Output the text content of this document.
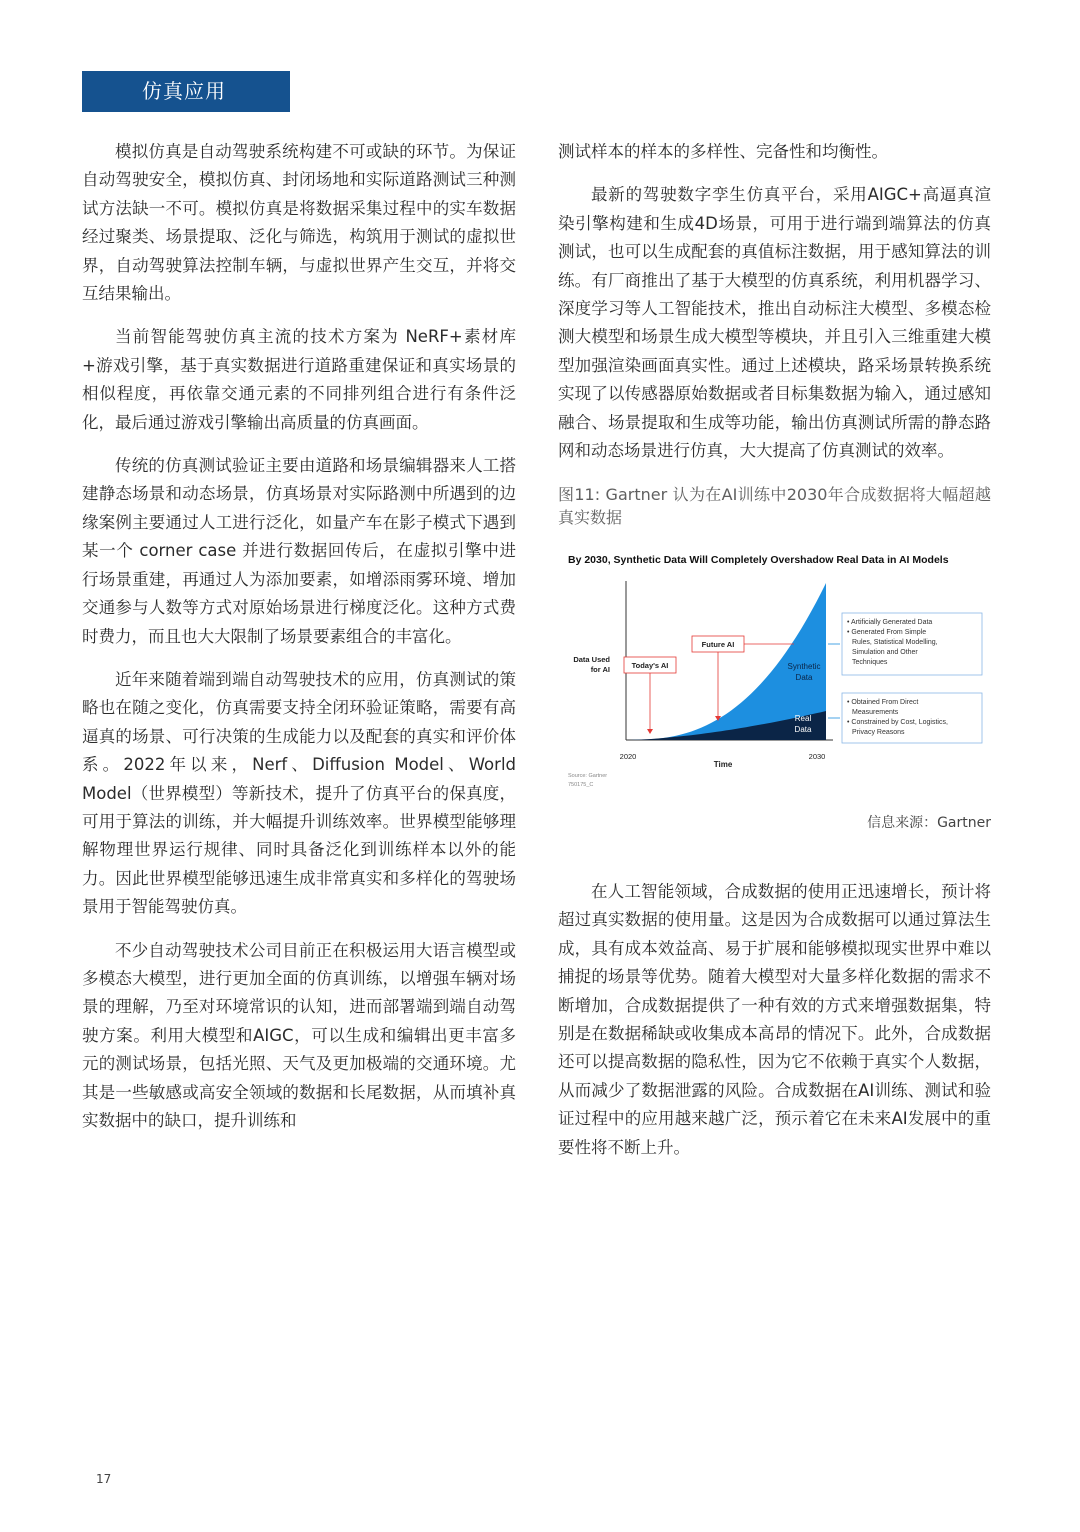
仿真应用

模拟仿真是自动驾驶系统构建不可或缺的环节。为保证自动驾驶安全，模拟仿真、封闭场地和实际道路测试三种测试方法缺一不可。模拟仿真是将数据采集过程中的实车数据经过聚类、场景提取、泛化与筛选，构筑用于测试的虚拟世界，自动驾驶算法控制车辆，与虚拟世界产生交互，并将交互结果输出。

当前智能驾驶仿真主流的技术方案为 NeRF+素材库+游戏引擎，基于真实数据进行道路重建保证和真实场景的相似程度，再依靠交通元素的不同排列组合进行有条件泛化，最后通过游戏引擎输出高质量的仿真画面。

传统的仿真测试验证主要由道路和场景编辑器来人工搭建静态场景和动态场景，仿真场景对实际路测中所遇到的边缘案例主要通过人工进行泛化，如量产车在影子模式下遇到某一个 corner case 并进行数据回传后，在虚拟引擎中进行场景重建，再通过人为添加要素，如增添雨雾环境、增加交通参与人数等方式对原始场景进行梯度泛化。这种方式费时费力，而且也大大限制了场景要素组合的丰富化。

近年来随着端到端自动驾驶技术的应用，仿真测试的策略也在随之变化，仿真需要支持全闭环验证策略，需要有高逼真的场景、可行决策的生成能力以及配套的真实和评价体系。2022年以来，Nerf、Diffusion Model、World Model（世界模型）等新技术，提升了仿真平台的保真度，可用于算法的训练，并大幅提升训练效率。世界模型能够理解物理世界运行规律、同时具备泛化到训练样本以外的能力。因此世界模型能够迅速生成非常真实和多样化的驾驶场景用于智能驾驶仿真。

不少自动驾驶技术公司目前正在积极运用大语言模型或多模态大模型，进行更加全面的仿真训练，以增强车辆对场景的理解，乃至对环境常识的认知，进而部署端到端自动驾驶方案。利用大模型和AIGC，可以生成和编辑出更丰富多元的测试场景，包括光照、天气及更加极端的交通环境。尤其是一些敏感或高安全领域的数据和长尾数据，从而填补真实数据中的缺口，提升训练和

测试样本的样本的多样性、完备性和均衡性。

最新的驾驶数字孪生仿真平台，采用AIGC+高逼真渲染引擎构建和生成4D场景，可用于进行端到端算法的仿真测试，也可以生成配套的真值标注数据，用于感知算法的训练。有厂商推出了基于大模型的仿真系统，利用机器学习、深度学习等人工智能技术，推出自动标注大模型、多模态检测大模型和场景生成大模型等模块，并且引入三维重建大模型加强渲染画面真实性。通过上述模块，路采场景转换系统实现了以传感器原始数据或者目标集数据为输入，通过感知融合、场景提取和生成等功能，输出仿真测试所需的静态路网和动态场景进行仿真，大大提高了仿真测试的效率。

图11: Gartner 认为在AI训练中2030年合成数据将大幅超越真实数据
By 2030, Synthetic Data Will Completely Overshadow Real Data in AI Models
Synthetic
Data
Real
Data
Data Used
for AI
2020	2030
Time
Today's AI
Future AI
• Artificially Generated Data
• Generated From Simple
Rules, Statistical Modelling,
Simulation and Other
Techniques
• Obtained From Direct
Measurements
• Constrained by Cost, Logistics,
Privacy Reasons
Source: Gartner
750175_C
信息来源：Gartner

在人工智能领域，合成数据的使用正迅速增长，预计将超过真实数据的使用量。这是因为合成数据可以通过算法生成，具有成本效益高、易于扩展和能够模拟现实世界中难以捕捉的场景等优势。随着大模型对大量多样化数据的需求不断增加，合成数据提供了一种有效的方式来增强数据集，特别是在数据稀缺或收集成本高昂的情况下。此外，合成数据还可以提高数据的隐私性，因为它不依赖于真实个人数据，从而减少了数据泄露的风险。合成数据在AI训练、测试和验证过程中的应用越来越广泛，预示着它在未来AI发展中的重要性将不断上升。

17
